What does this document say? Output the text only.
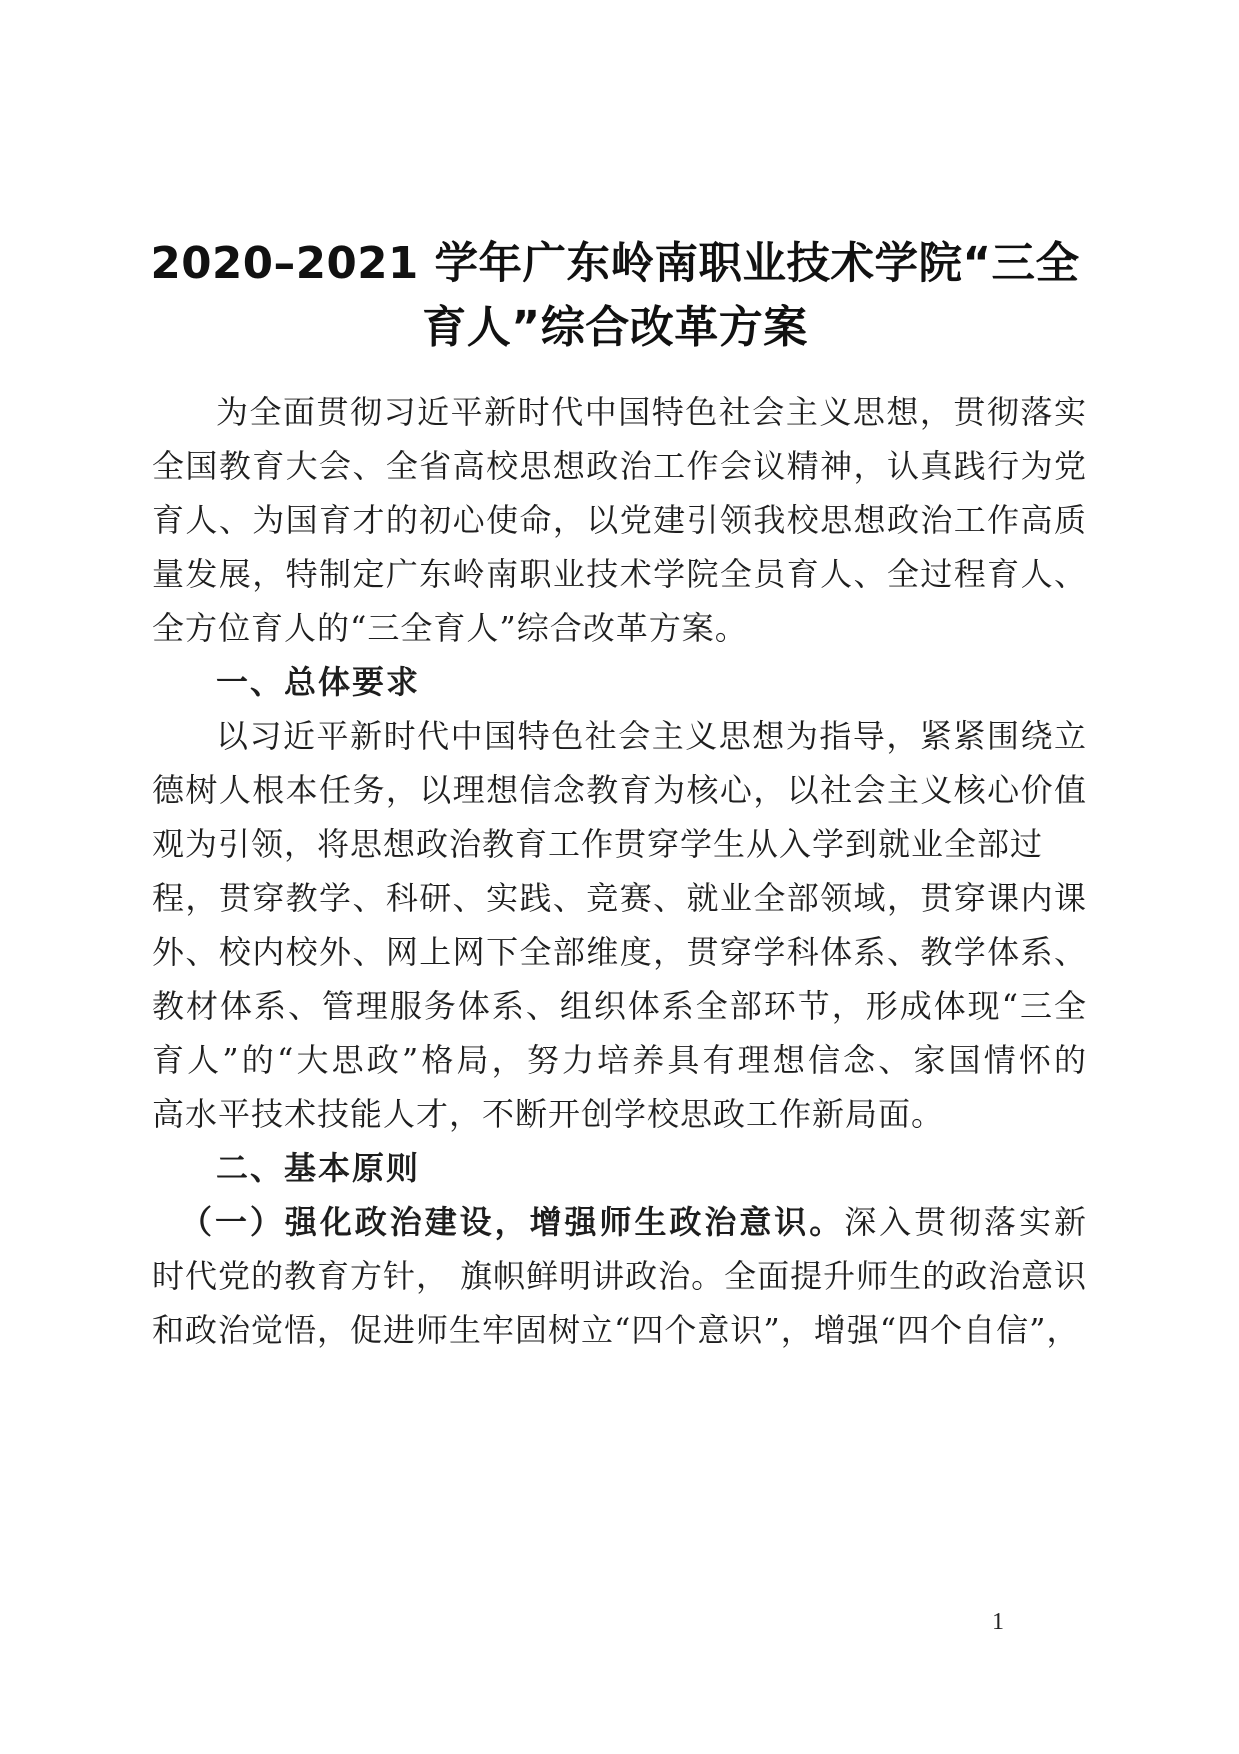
2020–2021 学年广东岭南职业技术学院“三全
育人”综合改革方案
为全面贯彻习近平新时代中国特色社会主义思想，贯彻落实
全国教育大会、全省高校思想政治工作会议精神，认真践行为党
育人、为国育才的初心使命，以党建引领我校思想政治工作高质
量发展，特制定广东岭南职业技术学院全员育人、全过程育人、
全方位育人的“三全育人”综合改革方案。
一、总体要求
以习近平新时代中国特色社会主义思想为指导，紧紧围绕立
德树人根本任务，以理想信念教育为核心，以社会主义核心价值
观为引领，将思想政治教育工作贯穿学生从入学到就业全部过
程，贯穿教学、科研、实践、竞赛、就业全部领域，贯穿课内课
外、校内校外、网上网下全部维度，贯穿学科体系、教学体系、
教材体系、管理服务体系、组织体系全部环节，形成体现“三全
育人”的“大思政”格局，努力培养具有理想信念、家国情怀的
高水平技术技能人才，不断开创学校思政工作新局面。
二、基本原则
（一）强化政治建设，增强师生政治意识。深入贯彻落实新
时代党的教育方针， 旗帜鲜明讲政治。全面提升师生的政治意识
和政治觉悟，促进师生牢固树立“四个意识”，增强“四个自信”，
1
